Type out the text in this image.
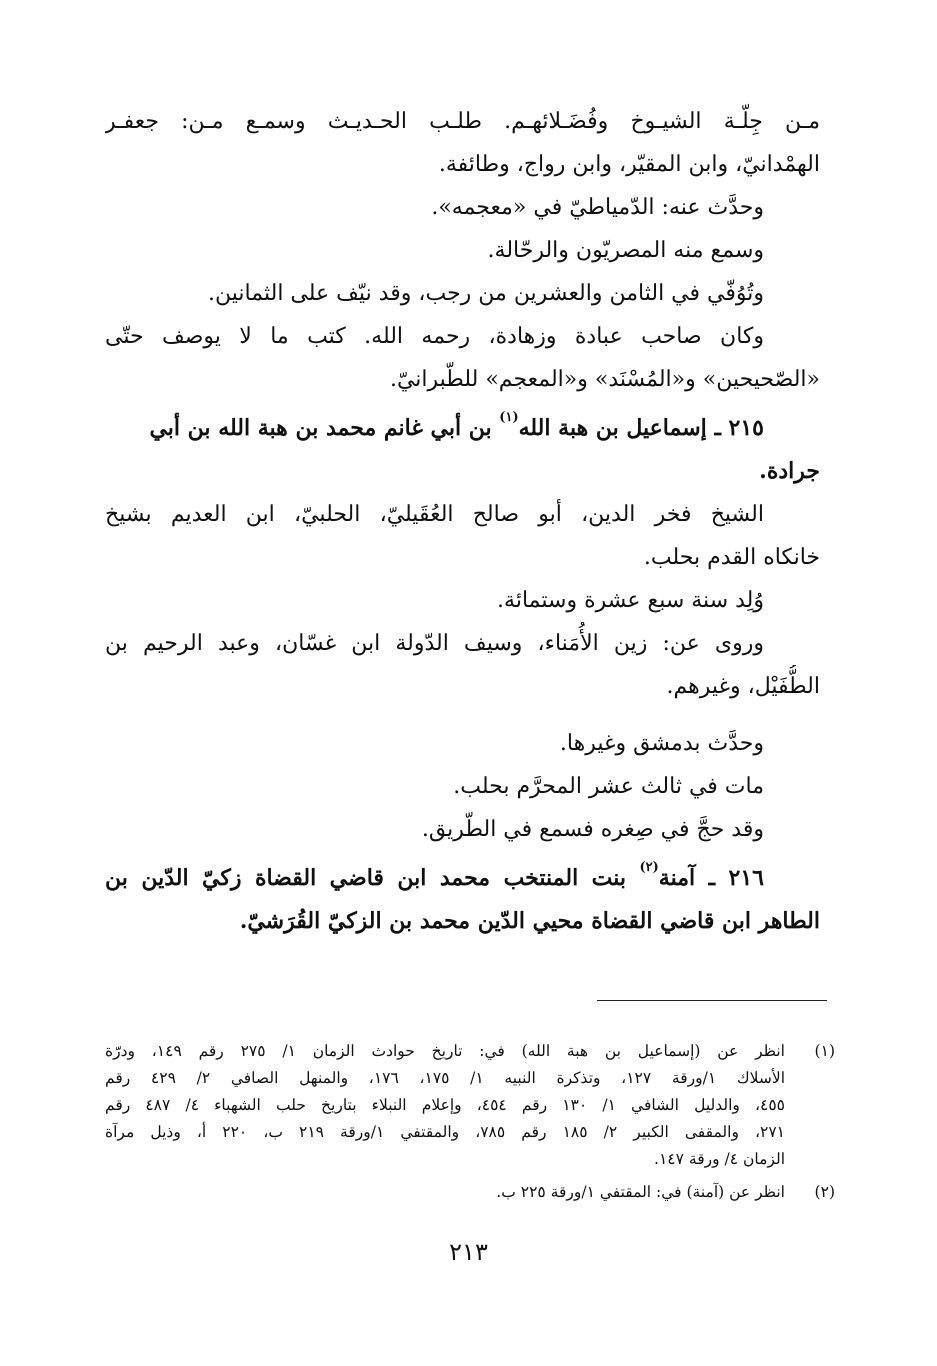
مـن جِلّـة الشيـوخ وفُضَـلائهـم. طلـب الحـديـث وسمـع مـن: جعفـر
الهمْدانيّ، وابن المقيّر، وابن رواج، وطائفة.
وحدَّث عنه: الدّمياطيّ في «معجمه».
وسمع منه المصريّون والرحّالة.
وتُوُفّي في الثامن والعشرين من رجب، وقد نيّف على الثمانين.
وكان صاحب عبادة وزهادة، رحمه الله. كتب ما لا يوصف حتّى
«الصّحيحين» و«المُسْنَد» و«المعجم» للطّبرانيّ.
٢١٥ ـ إسماعيل بن هبة الله$^{(١)}$ بن أبي غانم محمد بن هبة الله بن أبي
جرادة.
الشيخ فخر الدين، أبو صالح العُقَيليّ، الحلبيّ، ابن العديم بشيخ
خانكاه القدم بحلب.
وُلِد سنة سبع عشرة وستمائة.
وروى عن: زين الأُمَناء، وسيف الدّولة ابن غسّان، وعبد الرحيم بن
الطُّفَيْل، وغيرهم.
وحدَّث بدمشق وغيرها.
مات في ثالث عشر المحرَّم بحلب.
وقد حجَّ في صِغره فسمع في الطّريق.
٢١٦ ـ آمنة$^{(٢)}$ بنت المنتخب محمد ابن قاضي القضاة زكيّ الدّين بن
الطاهر ابن قاضي القضاة محيي الدّين محمد بن الزكيّ القُرَشيّ.
(١)
انظر عن (إسماعيل بن هبة الله) في: تاريخ حوادث الزمان ١/ ٢٧٥ رقم ١٤٩، ودرّة
الأسلاك ١/ورقة ١٢٧، وتذكرة النبيه ١/ ١٧٥، ١٧٦، والمنهل الصافي ٢/ ٤٢٩ رقم
٤٥٥، والدليل الشافي ١/ ١٣٠ رقم ٤٥٤، وإعلام النبلاء بتاريخ حلب الشهباء ٤/ ٤٨٧ رقم
٢٧١، والمقفى الكبير ٢/ ١٨٥ رقم ٧٨٥، والمقتفي ١/ورقة ٢١٩ ب، ٢٢٠ أ، وذيل مرآة
الزمان ٤/ ورقة ١٤٧.
(٢)
انظر عن (آمنة) في: المقتفي ١/ورقة ٢٢٥ ب.
٢١٣
